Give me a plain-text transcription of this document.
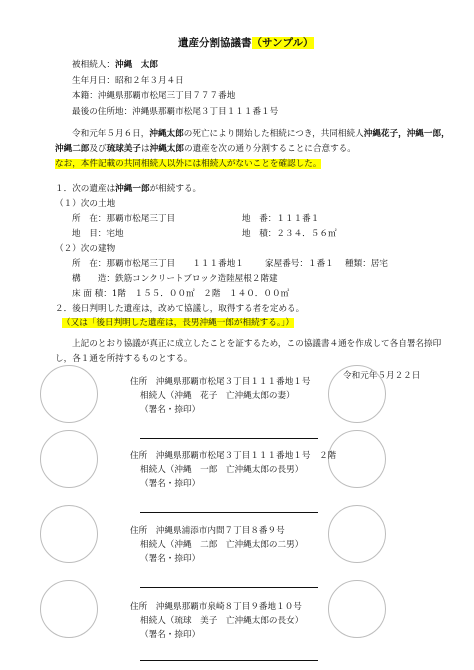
遺産分割協議書（サンプル）
被相続人：沖縄　太郎
生年月日：昭和２年３月４日
本籍：沖縄県那覇市松尾三丁目７７７番地
最後の住所地：沖縄県那覇市松尾３丁目１１１番１号
令和元年５月６日，沖縄太郎の死亡により開始した相続につき，共同相続人沖縄花子，沖縄一郎，
沖縄二郎及び琉球美子は沖縄太郎の遺産を次の通り分割することに合意する。
なお，本件記載の共同相続人以外には相続人がないことを確認した。
１．次の遺産は沖縄一郎が相続する。
（１）次の土地
所　在：那覇市松尾三丁目	地　番：１１１番１
地　目：宅地	地　積：２３４．５６㎡
（２）次の建物
所　在：那覇市松尾三丁目　　１１１番地１ 家屋番号：１番１ 種類：居宅
構　　造：鉄筋コンクリートブロック造陸屋根２階建
床 面 積：1階　１５５．００㎡　２階　１４０．００㎡
２．後日判明した遺産は，改めて協議し，取得する者を定める。
（又は「後日判明した遺産は，長男沖縄一郎が相続する。」）
上記のとおり協議が真正に成立したことを証するため，この協議書４通を作成して各自署名捺印
し，各１通を所持するものとする。
令和元年５月２２日
住所　沖縄県那覇市松尾３丁目１１１番地１号
相続人（沖縄　花子　亡沖縄太郎の妻）
（署名・捺印）
住所　沖縄県那覇市松尾３丁目１１１番地１号　２階
相続人（沖縄　一郎　亡沖縄太郎の長男）
（署名・捺印）
住所　沖縄県浦添市内間７丁目８番９号
相続人（沖縄　二郎　亡沖縄太郎の二男）
（署名・捺印）
住所　沖縄県那覇市泉崎８丁目９番地１０号
相続人（琉球　美子　亡沖縄太郎の長女）
（署名・捺印）
